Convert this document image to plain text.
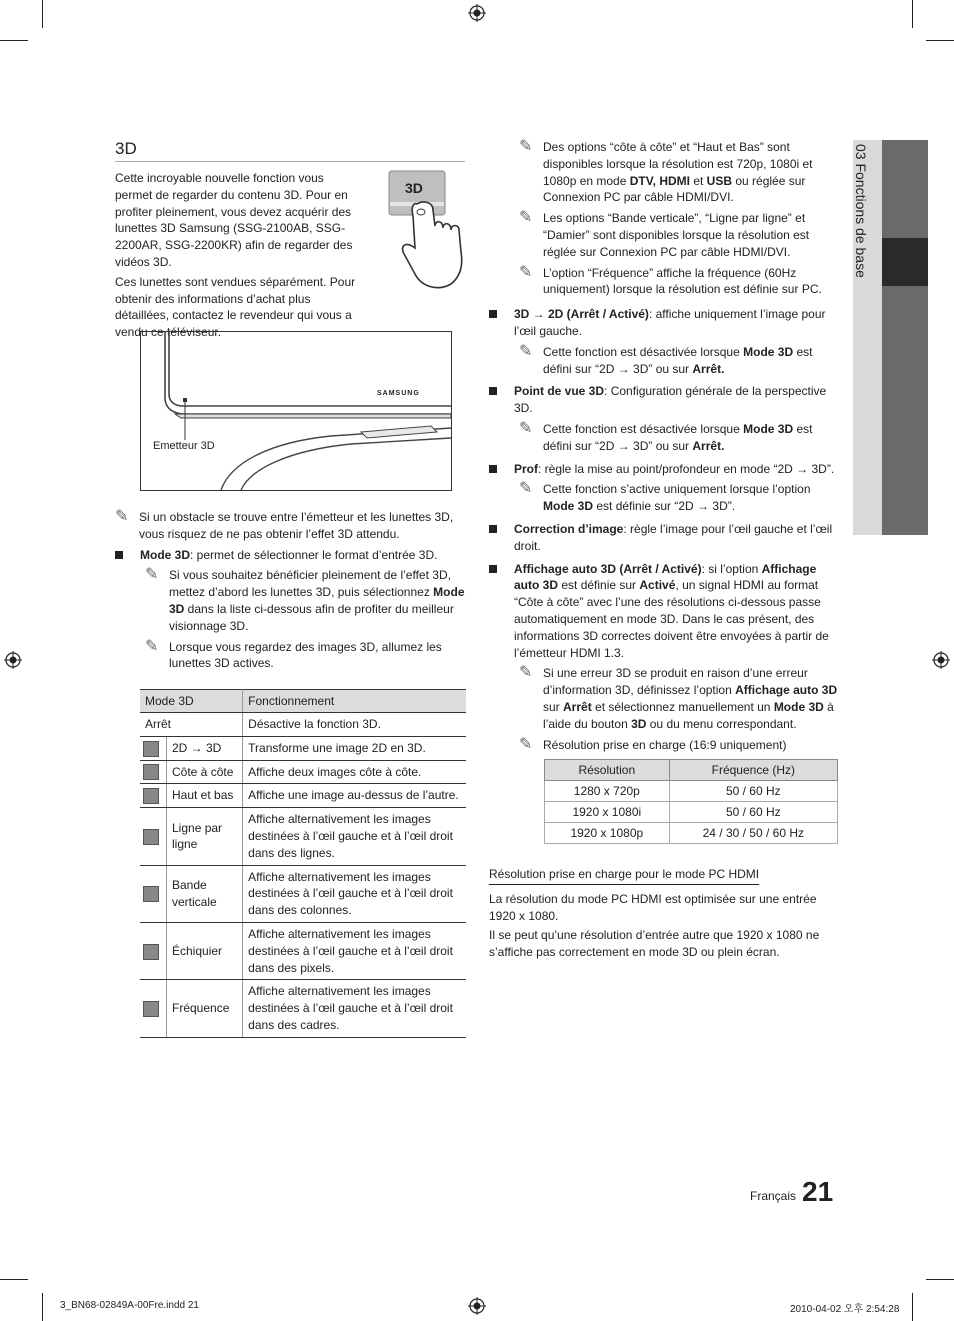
03 Fonctions de base
3D

Cette incroyable nouvelle fonction vous permet de regarder du contenu 3D. Pour en profiter pleinement, vous devez acquérir des lunettes 3D Samsung (SSG-2100AB, SSG-2200AR, SSG-2200KR) afin de regarder des vidéos 3D.

Ces lunettes sont vendues séparément. Pour obtenir des informations d’achat plus détaillées, contactez le revendeur qui vous a vendu ce téléviseur.

3D
SAMSUNG
Emetteur 3D
✎ Si un obstacle se trouve entre l’émetteur et les lunettes 3D, vous risquez de ne pas obtenir l’effet 3D attendu.
Mode 3D: permet de sélectionner le format d’entrée 3D.
✎ Si vous souhaitez bénéficier pleinement de l’effet 3D, mettez d’abord les lunettes 3D, puis sélectionnez Mode 3D dans la liste ci-dessous afin de profiter du meilleur visionnage 3D.
✎ Lorsque vous regardez des images 3D, allumez les lunettes 3D actives.
Mode 3D		Fonctionnement
Arrêt		Désactive la fonction 3D.
	2D → 3D	Transforme une image 2D en 3D.
	Côte à côte	Affiche deux images côte à côte.
	Haut et bas	Affiche une image au-dessus de l’autre.
	Ligne par ligne	Affiche alternativement les images destinées à l’œil gauche et à l’œil droit dans des lignes.
	Bande verticale	Affiche alternativement les images destinées à l’œil gauche et à l’œil droit dans des colonnes.
	Échiquier	Affiche alternativement les images destinées à l’œil gauche et à l’œil droit dans des pixels.
	Fréquence	Affiche alternativement les images destinées à l’œil gauche et à l’œil droit dans des cadres.
✎ Des options “côte à côte” et “Haut et Bas” sont disponibles lorsque la résolution est 720p, 1080i et 1080p en mode DTV, HDMI et USB ou réglée sur Connexion PC par câble HDMI/DVI.
✎ Les options “Bande verticale”, “Ligne par ligne” et “Damier” sont disponibles lorsque la résolution est réglée sur Connexion PC par câble HDMI/DVI.
✎ L’option “Fréquence” affiche la fréquence (60Hz uniquement) lorsque la résolution est définie sur PC.
3D → 2D (Arrêt / Activé): affiche uniquement l’image pour l’œil gauche.
✎ Cette fonction est désactivée lorsque Mode 3D est défini sur “2D → 3D” ou sur Arrêt.
Point de vue 3D: Configuration générale de la perspective 3D.
✎ Cette fonction est désactivée lorsque Mode 3D est défini sur “2D → 3D” ou sur Arrêt.
Prof: règle la mise au point/profondeur en mode “2D → 3D”.
✎ Cette fonction s’active uniquement lorsque l’option Mode 3D est définie sur “2D → 3D”.
Correction d’image: règle l’image pour l’œil gauche et l’œil droit.
Affichage auto 3D (Arrêt / Activé): si l’option Affichage auto 3D est définie sur Activé, un signal HDMI au format “Côte à côte” avec l’une des résolutions ci-dessous passe automatiquement en mode 3D. Dans le cas présent, des informations 3D correctes doivent être envoyées à partir de l’émetteur HDMI 1.3.
✎ Si une erreur 3D se produit en raison d’une erreur d’information 3D, définissez l’option Affichage auto 3D sur Arrêt et sélectionnez manuellement un Mode 3D à l’aide du bouton 3D ou du menu correspondant.
✎ Résolution prise en charge (16:9 uniquement)
Résolution	Fréquence (Hz)
1280 x 720p	50 / 60 Hz
1920 x 1080i	50 / 60 Hz
1920 x 1080p	24 / 30 / 50 / 60 Hz
Résolution prise en charge pour le mode PC HDMI

La résolution du mode PC HDMI est optimisée sur une entrée 1920 x 1080.

Il se peut qu’une résolution d’entrée autre que 1920 x 1080 ne s’affiche pas correctement en mode 3D ou plein écran.

Français 21
3_BN68-02849A-00Fre.indd 21	2010-04-02 오후 2:54:28
